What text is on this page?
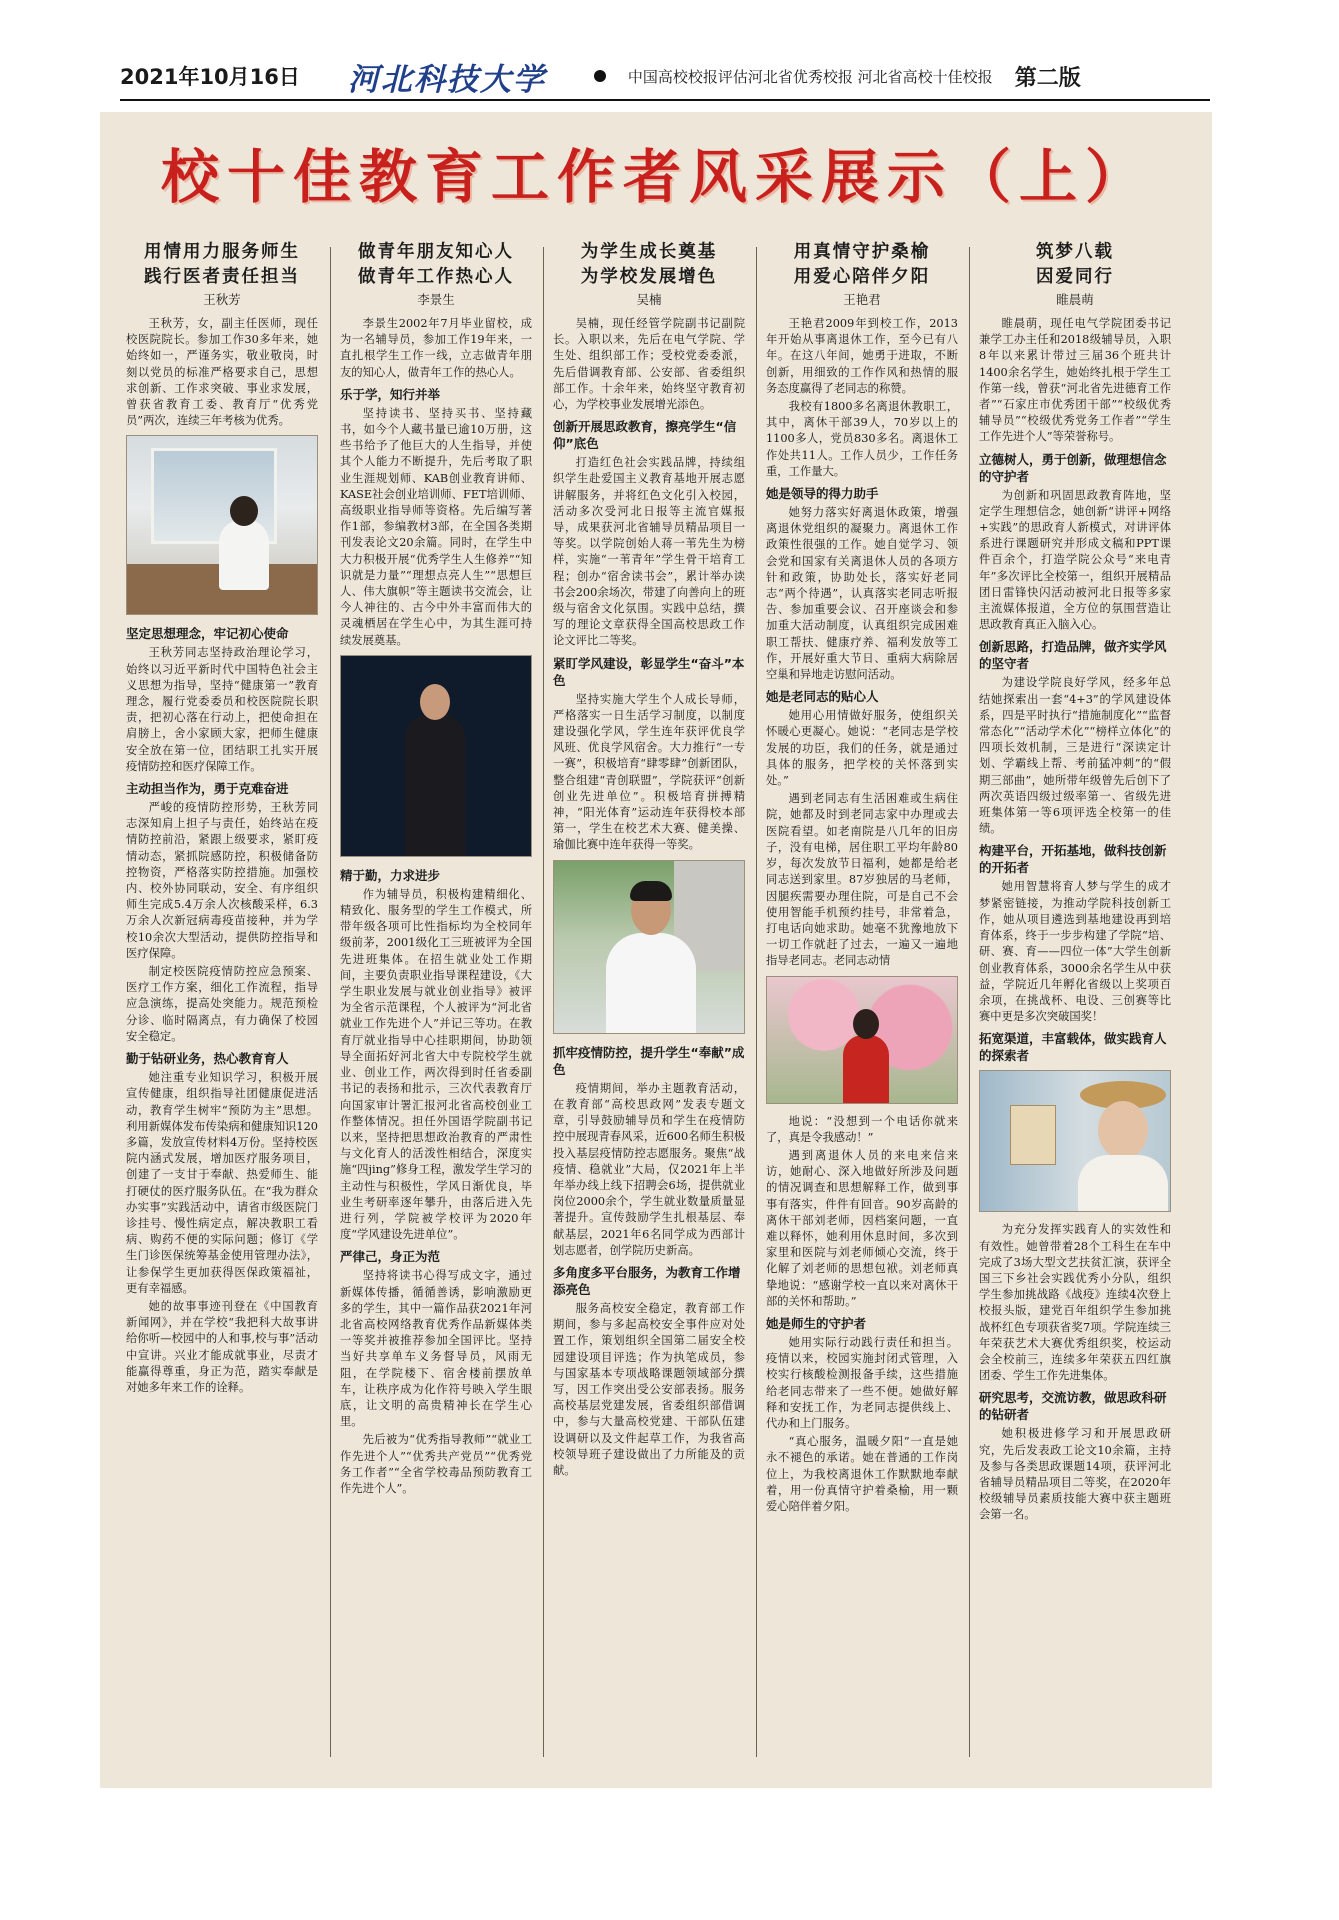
2021年10月16日 河北科技大学	中国高校校报评估河北省优秀校报 河北省高校十佳校报 第二版
校十佳教育工作者风采展示（上）
用情用力服务师生
践行医者责任担当
王秋芳
王秋芳，女，副主任医师，现任校医院院长。参加工作30多年来，她始终如一，严谨务实，敬业敬岗，时刻以党员的标准严格要求自己，思想求创新、工作求突破、事业求发展，曾获省教育工委、教育厅“优秀党员”两次，连续三年考核为优秀。
坚定思想理念，牢记初心使命
王秋芳同志坚持政治理论学习，始终以习近平新时代中国特色社会主义思想为指导，坚持“健康第一”教育理念，履行党委委员和校医院院长职责，把初心落在行动上，把使命担在肩膀上，舍小家顾大家，把师生健康安全放在第一位，团结职工扎实开展疫情防控和医疗保障工作。
主动担当作为，勇于克难奋进
严峻的疫情防控形势，王秋芳同志深知肩上担子与责任，始终站在疫情防控前沿，紧跟上级要求，紧盯疫情动态，紧抓院感防控，积极储备防控物资，严格落实防控措施。加强校内、校外协同联动，安全、有序组织师生完成5.4万余人次核酸采样，6.3万余人次新冠病毒疫苗接种，并为学校10余次大型活动，提供防控指导和医疗保障。
制定校医院疫情防控应急预案、医疗工作方案，细化工作流程，指导应急演练，提高处突能力。规范预检分诊、临时隔离点，有力确保了校园安全稳定。
勤于钻研业务，热心教育育人
她注重专业知识学习，积极开展宣传健康，组织指导社团健康促进活动，教育学生树牢“预防为主”思想。利用新媒体发布传染病和健康知识120多篇，发放宣传材料4万份。坚持校医院内涵式发展，增加医疗服务项目，创建了一支甘于奉献、热爱师生、能打硬仗的医疗服务队伍。在“我为群众办实事”实践活动中，请省市级医院门诊挂号、慢性病定点，解决教职工看病、购药不便的实际问题；修订《学生门诊医保统筹基金使用管理办法》，让参保学生更加获得医保政策福祉，更有幸福感。
她的故事事迹刊登在《中国教育新闻网》，并在学校“我把科大故事讲给你听—校园中的人和事,校与事”活动中宣讲。兴业才能成就事业，尽责才能赢得尊重，身正为范，踏实奉献是对她多年来工作的诠释。
做青年朋友知心人
做青年工作热心人
李景生
李景生2002年7月毕业留校，成为一名辅导员，参加工作19年来，一直扎根学生工作一线，立志做青年朋友的知心人，做青年工作的热心人。
乐于学，知行并举
坚持读书、坚持买书、坚持藏书，如今个人藏书量已逾10万册，这些书给予了他巨大的人生指导，并使其个人能力不断提升，先后考取了职业生涯规划师、KAB创业教育讲师、KASE社会创业培训师、FET培训师、高级职业指导师等资格。先后编写著作1部，参编教材3部，在全国各类期刊发表论文20余篇。同时，在学生中大力积极开展“优秀学生人生修养”“知识就是力量”“理想点亮人生”“思想巨人、伟大旗帜”等主题读书交流会，让今人神往的、古今中外丰富而伟大的灵魂栖居在学生心中，为其生涯可持续发展奠基。
精于勤，力求进步
作为辅导员，积极构建精细化、精致化、服务型的学生工作模式，所带年级各项可比性指标均为全校同年级前茅，2001级化工三班被评为全国先进班集体。在招生就业处工作期间，主要负责职业指导课程建设，《大学生职业发展与就业创业指导》被评为全省示范课程，个人被评为“河北省就业工作先进个人”并记三等功。在教育厅就业指导中心挂职期间，协助领导全面拓好河北省大中专院校学生就业、创业工作，两次得到时任省委副书记的表扬和批示，三次代表教育厅向国家审计署汇报河北省高校创业工作整体情况。担任外国语学院副书记以来，坚持把思想政治教育的严肃性与文化育人的活泼性相结合，深度实施“四jing”修身工程，激发学生学习的主动性与积极性，学风日渐优良，毕业生考研率逐年攀升，由落后进入先进行列，学院被学校评为2020年度“学风建设先进单位”。
严律己，身正为范
坚持将读书心得写成文字，通过新媒体传播，循循善诱，影响激励更多的学生，其中一篇作品获2021年河北省高校网络教育优秀作品新媒体类一等奖并被推荐参加全国评比。坚持当好共享单车义务督导员，风雨无阻，在学院楼下、宿舍楼前摆放单车，让秩序成为化作符号映入学生眼底，让文明的高贵精神长在学生心里。
先后被为“优秀指导教师”“就业工作先进个人”“优秀共产党员”“优秀党务工作者”“全省学校毒品预防教育工作先进个人”。
为学生成长奠基
为学校发展增色
吴楠
吴楠，现任经管学院副书记副院长。入职以来，先后在电气学院、学生处、组织部工作；受校党委委派，先后借调教育部、公安部、省委组织部工作。十余年来，始终坚守教育初心，为学校事业发展增光添色。
创新开展思政教育，擦亮学生“信仰”底色
打造红色社会实践品牌，持续组织学生赴爱国主义教育基地开展志愿讲解服务，并将红色文化引入校园，活动多次受河北日报等主流官媒报导，成果获河北省辅导员精品项目一等奖。以学院创始人蒋一苇先生为榜样，实施“一苇青年”学生骨干培育工程；创办“宿舍读书会”，累计举办读书会200余场次，带建了向善向上的班级与宿舍文化氛围。实践中总结，撰写的理论文章获得全国高校思政工作论文评比二等奖。
紧盯学风建设，彰显学生“奋斗”本色
坚持实施大学生个人成长导师，严格落实一日生活学习制度，以制度建设强化学风，学生连年获评优良学风班、优良学风宿舍。大力推行“一专一赛”，积极培育“肆零肆”创新团队，整合组建“青创联盟”，学院获评“创新创业先进单位”。积极培育拼搏精神，“阳光体育”运动连年获得校本部第一，学生在校艺术大赛、健美操、瑜伽比赛中连年获得一等奖。
抓牢疫情防控，提升学生“奉献”成色
疫情期间，举办主题教育活动，在教育部“高校思政网”发表专题文章，引导鼓励辅导员和学生在疫情防控中展现青春风采，近600名师生积极投入基层疫情防控志愿服务。聚焦“战疫情、稳就业”大局，仅2021年上半年举办线上线下招聘会6场，提供就业岗位2000余个，学生就业数量质量显著提升。宣传鼓励学生扎根基层、奉献基层，2021年6名同学成为西部计划志愿者，创学院历史新高。
多角度多平台服务，为教育工作增添亮色
服务高校安全稳定，教育部工作期间，参与多起高校安全事件应对处置工作，策划组织全国第二届安全校园建设项目评选；作为执笔成员，参与国家基本专项战略课题领域部分撰写，因工作突出受公安部表扬。服务高校基层党建发展，省委组织部借调中，参与大量高校党建、干部队伍建设调研以及文件起草工作，为我省高校领导班子建设做出了力所能及的贡献。
用真情守护桑榆
用爱心陪伴夕阳
王艳君
王艳君2009年到校工作，2013年开始从事离退休工作，至今已有八年。在这八年间，她勇于进取，不断创新，用细致的工作作风和热情的服务态度赢得了老同志的称赞。
我校有1800多名离退休教职工，其中，离休干部39人，70岁以上的1100多人，党员830多名。离退休工作处共11人。工作人员少，工作任务重，工作量大。
她是领导的得力助手
她努力落实好离退休政策，增强离退休党组织的凝聚力。离退休工作政策性很强的工作。她自觉学习、领会党和国家有关离退休人员的各项方针和政策，协助处长，落实好老同志“两个待遇”，认真落实老同志听报告、参加重要会议、召开座谈会和参加重大活动制度，认真组织完成困难职工帮扶、健康疗养、福利发放等工作，开展好重大节日、重病大病除居空巢和异地走访慰问活动。
她是老同志的贴心人
她用心用情做好服务，使组织关怀暖心更凝心。她说：“老同志是学校发展的功臣，我们的任务，就是通过具体的服务，把学校的关怀落到实处。”
遇到老同志有生活困难或生病住院，她都及时到老同志家中办理或去医院看望。如老南院是八几年的旧房子，没有电梯，居住职工平均年龄80岁，每次发放节日福利，她都是给老同志送到家里。87岁独居的马老师，因腿疾需要办理住院，可是自己不会使用智能手机预约挂号，非常着急，打电话向她求助。她毫不犹豫地放下一切工作就赶了过去，一遍又一遍地指导老同志。老同志动情
地说：“没想到一个电话你就来了，真是令我感动！”
遇到离退休人员的来电来信来访，她耐心、深入地做好所涉及问题的情况调查和思想解释工作，做到事事有落实，件件有回音。90岁高龄的离休干部刘老师，因档案问题，一直难以释怀，她利用休息时间，多次到家里和医院与刘老师倾心交流，终于化解了刘老师的思想包袱。刘老师真挚地说：“感谢学校一直以来对离休干部的关怀和帮助。”
她是师生的守护者
她用实际行动践行责任和担当。疫情以来，校园实施封闭式管理，入校实行核酸检测报备手续，这些措施给老同志带来了一些不便。她做好解释和安抚工作，为老同志提供线上、代办和上门服务。
“真心服务，温暖夕阳”一直是她永不褪色的承诺。她在普通的工作岗位上，为我校离退休工作默默地奉献着，用一份真情守护着桑榆，用一颗爱心陪伴着夕阳。
筑梦八载
因爱同行
睢晨萌
睢晨萌，现任电气学院团委书记兼学工办主任和2018级辅导员，入职8年以来累计带过三届36个班共计1400余名学生，她始终扎根于学生工作第一线，曾获“河北省先进德育工作者”“石家庄市优秀团干部”“校级优秀辅导员”“校级优秀党务工作者”“学生工作先进个人”等荣誉称号。
立德树人，勇于创新，做理想信念的守护者
为创新和巩固思政教育阵地，坚定学生理想信念，她创新“讲评+网络+实践”的思政育人新模式，对讲评体系进行课题研究并形成文稿和PPT课件百余个，打造学院公众号“来电青年”多次评比全校第一，组织开展精品团日雷锋快闪活动被河北日报等多家主流媒体报道，全方位的氛围营造让思政教育真正入脑入心。
创新思路，打造品牌，做齐实学风的坚守者
为建设学院良好学风，经多年总结她探索出一套“4+3”的学风建设体系，四是平时执行“措施制度化”“监督常态化”“活动学术化”“榜样立体化”的四项长效机制，三是进行“深读定计划、学霸线上帮、考前猛冲刺”的“假期三部曲”，她所带年级曾先后创下了两次英语四级过级率第一、省级先进班集体第一等6项评选全校第一的佳绩。
构建平台，开拓基地，做科技创新的开拓者
她用智慧将育人梦与学生的成才梦紧密链接，为推动学院科技创新工作，她从项目遴选到基地建设再到培育体系，终于一步步构建了学院“培、研、赛、育——四位一体”大学生创新创业教育体系，3000余名学生从中获益，学院近几年孵化省级以上奖项百余项，在挑战杯、电设、三创赛等比赛中更是多次突破国奖！
拓宽渠道，丰富载体，做实践育人的探索者
为充分发挥实践育人的实效性和有效性。她曾带着28个工科生在车中完成了3场大型文艺扶贫汇演，获评全国三下乡社会实践优秀小分队，组织学生参加挑战路《战疫》连续4次登上校报头版，建党百年组织学生参加挑战杯红色专项获省奖7项。学院连续三年荣获艺术大赛优秀组织奖，校运动会全校前三，连续多年荣获五四红旗团委、学生工作先进集体。
研究思考，交流访教，做思政科研的钻研者
她积极进修学习和开展思政研究，先后发表政工论文10余篇，主持及参与各类思政课题14项，获评河北省辅导员精品项目二等奖，在2020年校级辅导员素质技能大赛中获主题班会第一名。
